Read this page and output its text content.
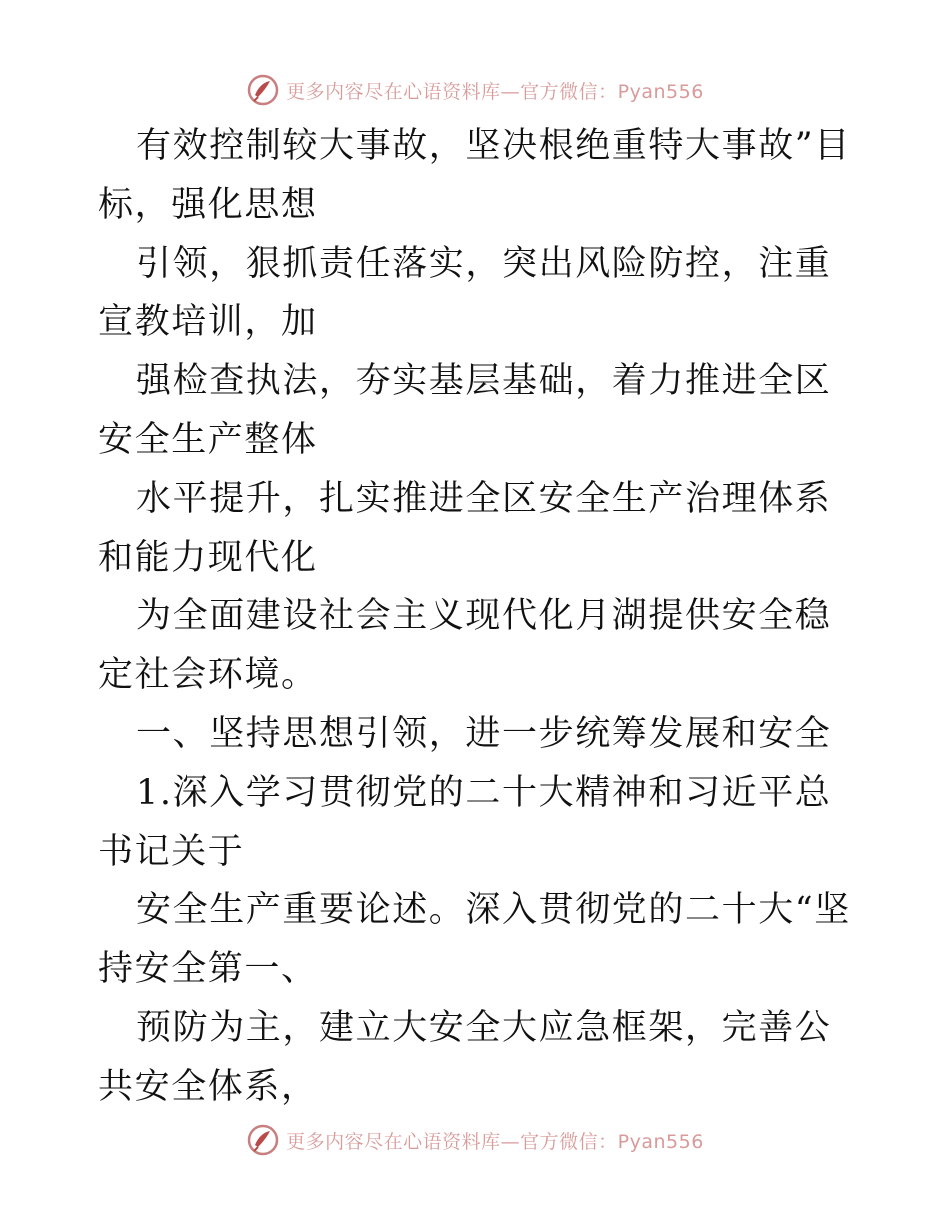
更多内容尽在心语资料库—官方微信：Pyan556

有效控制较大事故，坚决根绝重特大事故”目标，强化思想

引领，狠抓责任落实，突出风险防控，注重宣教培训，加

强检查执法，夯实基层基础，着力推进全区安全生产整体

水平提升，扎实推进全区安全生产治理体系和能力现代化

为全面建设社会主义现代化月湖提供安全稳定社会环境。

一、坚持思想引领，进一步统筹发展和安全

1.深入学习贯彻党的二十大精神和习近平总书记关于

安全生产重要论述。深入贯彻党的二十大“坚持安全第一、

预防为主，建立大安全大应急框架，完善公共安全体系，

更多内容尽在心语资料库—官方微信：Pyan556
